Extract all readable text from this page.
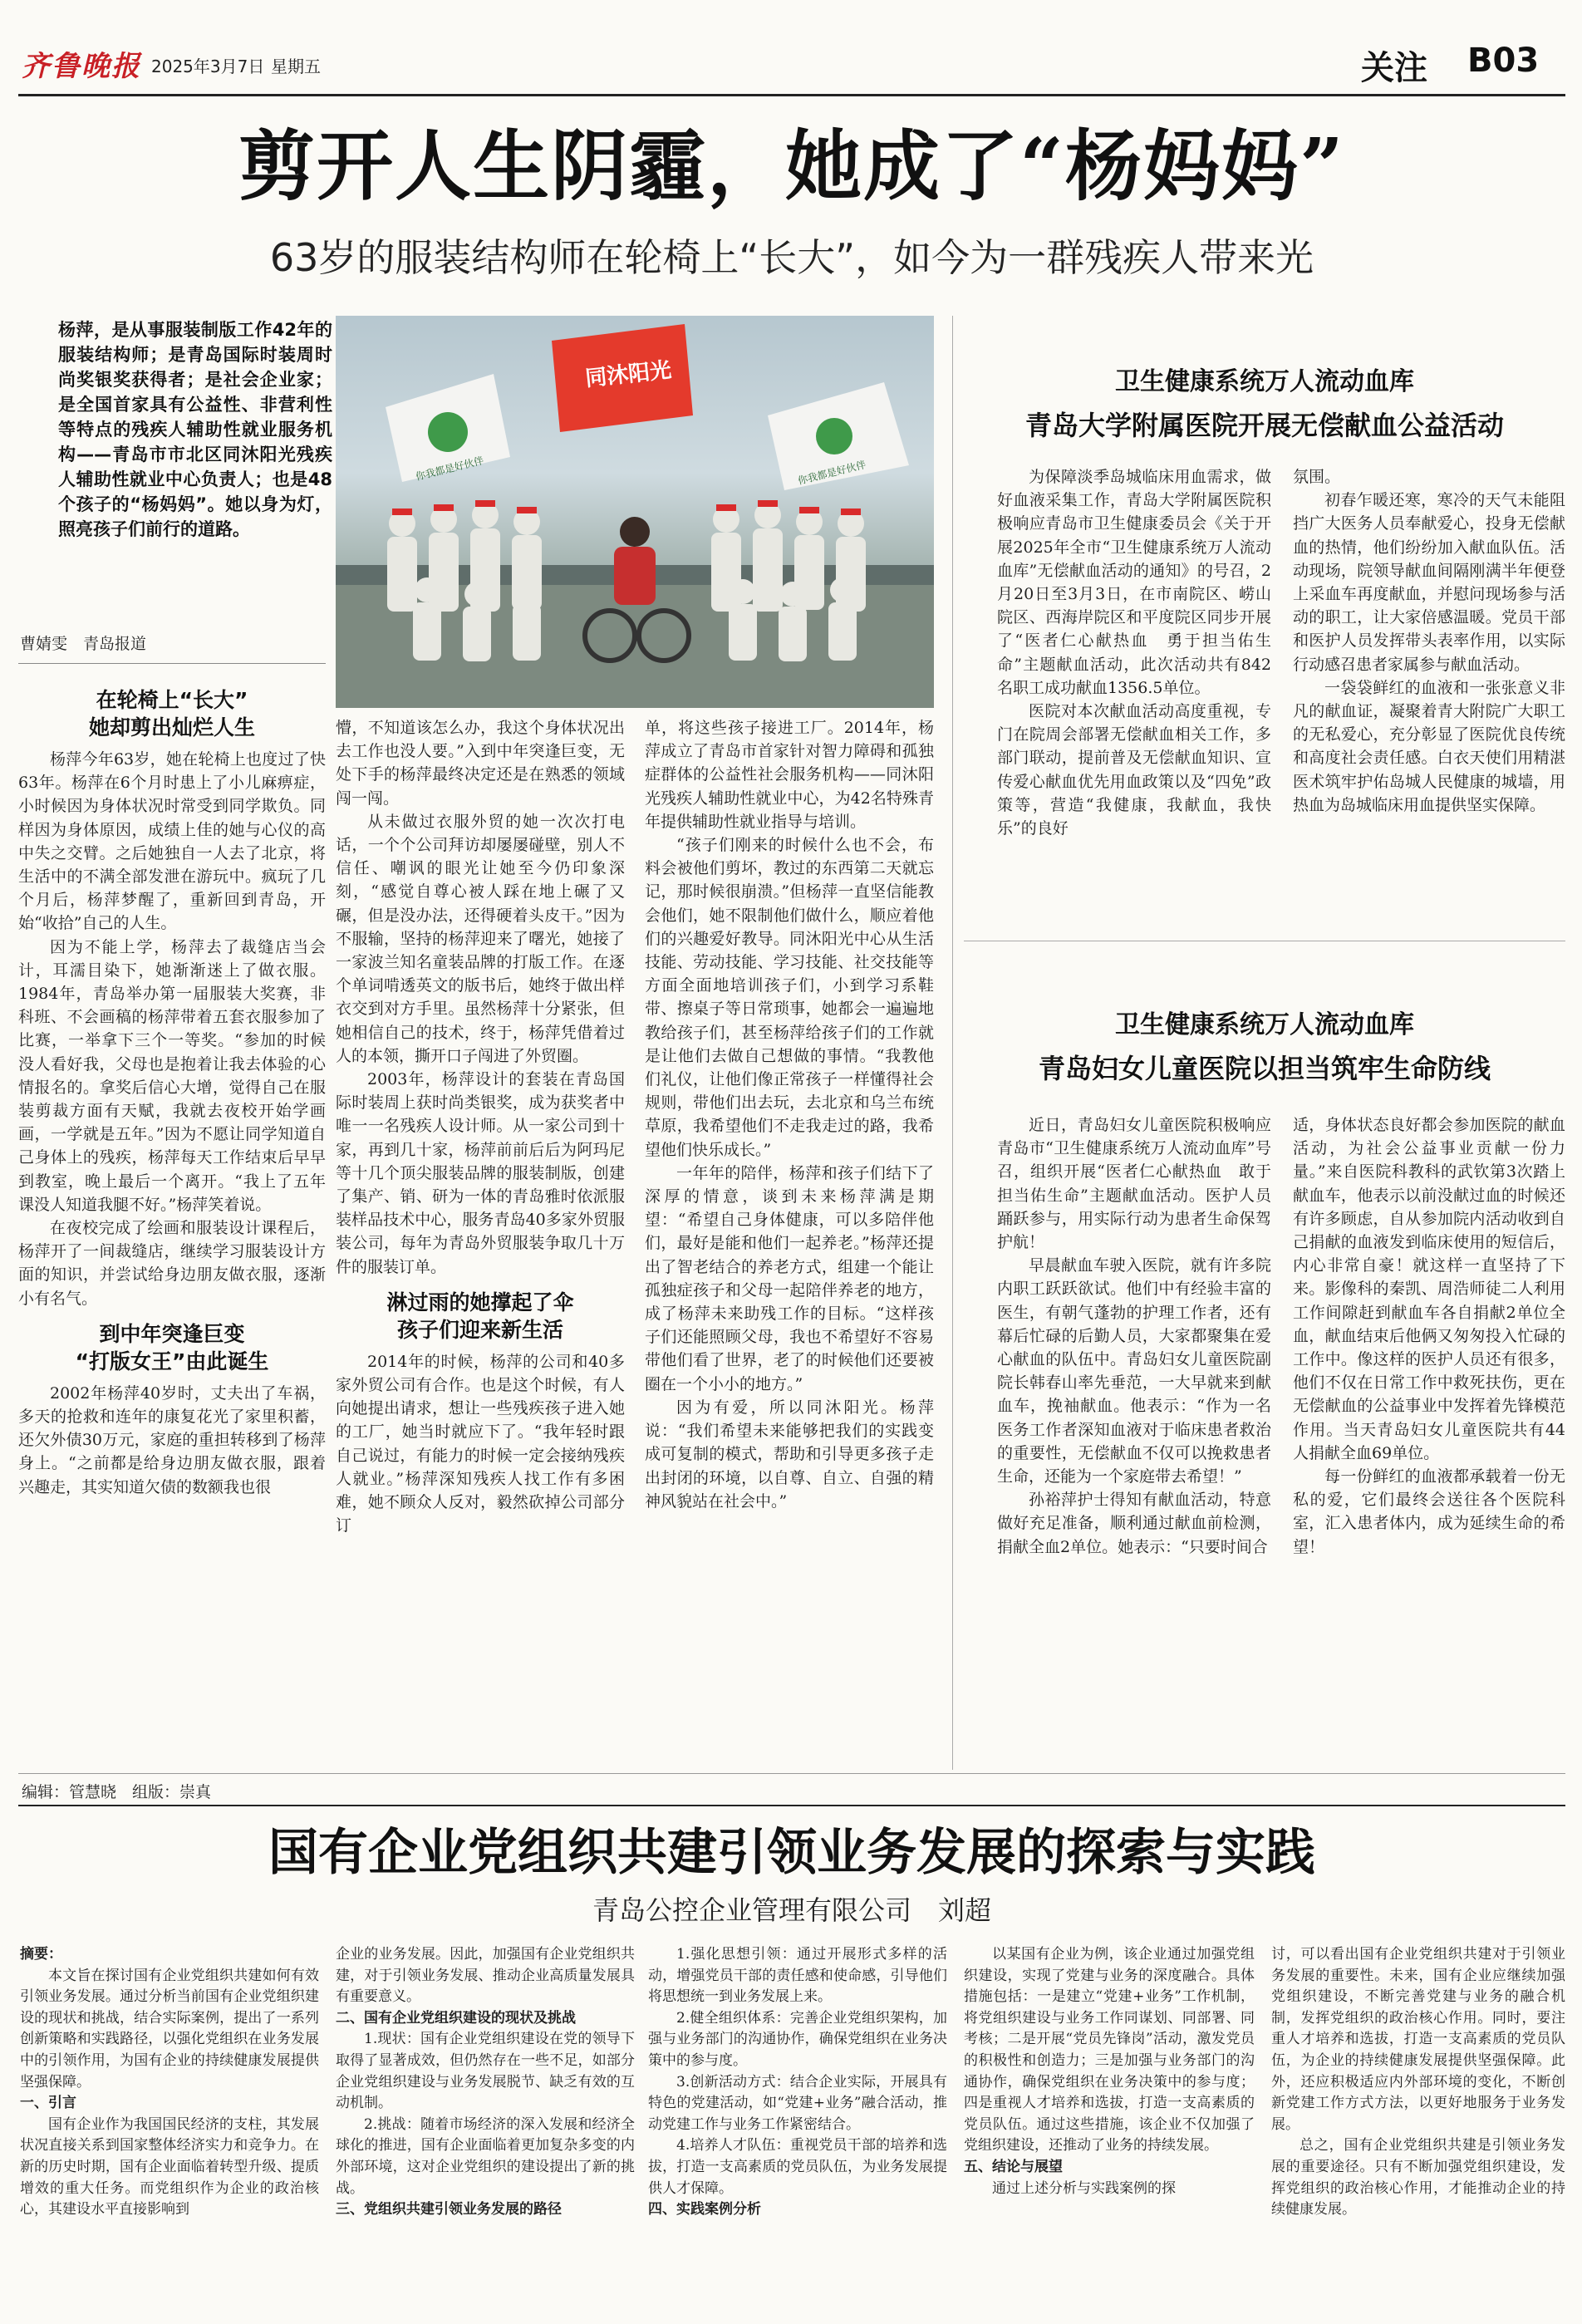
齐鲁晚报 2025年3月7日 星期五	关注 B03
剪开人生阴霾，她成了“杨妈妈”
63岁的服装结构师在轮椅上“长大”，如今为一群残疾人带来光
杨萍，是从事服装制版工作42年的服装结构师；是青岛国际时装周时尚奖银奖获得者；是社会企业家；是全国首家具有公益性、非营利性等特点的残疾人辅助性就业服务机构——青岛市市北区同沐阳光残疾人辅助性就业中心负责人；也是48个孩子的“杨妈妈”。她以身为灯，照亮孩子们前行的道路。
曹婧雯　青岛报道
同沐阳光
你我都是好伙伴	你我都是好伙伴
在轮椅上“长大”
她却剪出灿烂人生

杨萍今年63岁，她在轮椅上也度过了快63年。杨萍在6个月时患上了小儿麻痹症，小时候因为身体状况时常受到同学欺负。同样因为身体原因，成绩上佳的她与心仪的高中失之交臂。之后她独自一人去了北京，将生活中的不满全部发泄在游玩中。疯玩了几个月后，杨萍梦醒了，重新回到青岛，开始“收拾”自己的人生。

因为不能上学，杨萍去了裁缝店当会计，耳濡目染下，她渐渐迷上了做衣服。1984年，青岛举办第一届服装大奖赛，非科班、不会画稿的杨萍带着五套衣服参加了比赛，一举拿下三个一等奖。“参加的时候没人看好我，父母也是抱着让我去体验的心情报名的。拿奖后信心大增，觉得自己在服装剪裁方面有天赋，我就去夜校开始学画画，一学就是五年。”因为不愿让同学知道自己身体上的残疾，杨萍每天工作结束后早早到教室，晚上最后一个离开。“我上了五年课没人知道我腿不好。”杨萍笑着说。

在夜校完成了绘画和服装设计课程后，杨萍开了一间裁缝店，继续学习服装设计方面的知识，并尝试给身边朋友做衣服，逐渐小有名气。

到中年突逢巨变
“打版女王”由此诞生

2002年杨萍40岁时，丈夫出了车祸，多天的抢救和连年的康复花光了家里积蓄，还欠外债30万元，家庭的重担转移到了杨萍身上。“之前都是给身边朋友做衣服，跟着兴趣走，其实知道欠债的数额我也很

懵，不知道该怎么办，我这个身体状况出去工作也没人要。”入到中年突逢巨变，无处下手的杨萍最终决定还是在熟悉的领域闯一闯。

从未做过衣服外贸的她一次次打电话，一个个公司拜访却屡屡碰壁，别人不信任、嘲讽的眼光让她至今仍印象深刻，“感觉自尊心被人踩在地上碾了又碾，但是没办法，还得硬着头皮干。”因为不服输，坚持的杨萍迎来了曙光，她接了一家波兰知名童装品牌的打版工作。在逐个单词啃透英文的版书后，她终于做出样衣交到对方手里。虽然杨萍十分紧张，但她相信自己的技术，终于，杨萍凭借着过人的本领，撕开口子闯进了外贸圈。

2003年，杨萍设计的套装在青岛国际时装周上获时尚类银奖，成为获奖者中唯一一名残疾人设计师。从一家公司到十家，再到几十家，杨萍前前后后为阿玛尼等十几个顶尖服装品牌的服装制版，创建了集产、销、研为一体的青岛雅时依派服装样品技术中心，服务青岛40多家外贸服装公司，每年为青岛外贸服装争取几十万件的服装订单。

淋过雨的她撑起了伞
孩子们迎来新生活

2014年的时候，杨萍的公司和40多家外贸公司有合作。也是这个时候，有人向她提出请求，想让一些残疾孩子进入她的工厂，她当时就应下了。“我年轻时跟自己说过，有能力的时候一定会接纳残疾人就业。”杨萍深知残疾人找工作有多困难，她不顾众人反对，毅然砍掉公司部分订

单，将这些孩子接进工厂。2014年，杨萍成立了青岛市首家针对智力障碍和孤独症群体的公益性社会服务机构——同沐阳光残疾人辅助性就业中心，为42名特殊青年提供辅助性就业指导与培训。

“孩子们刚来的时候什么也不会，布料会被他们剪坏，教过的东西第二天就忘记，那时候很崩溃。”但杨萍一直坚信能教会他们，她不限制他们做什么，顺应着他们的兴趣爱好教导。同沐阳光中心从生活技能、劳动技能、学习技能、社交技能等方面全面地培训孩子们，小到学习系鞋带、擦桌子等日常琐事，她都会一遍遍地教给孩子们，甚至杨萍给孩子们的工作就是让他们去做自己想做的事情。“我教他们礼仪，让他们像正常孩子一样懂得社会规则，带他们出去玩，去北京和乌兰布统草原，我希望他们不走我走过的路，我希望他们快乐成长。”

一年年的陪伴，杨萍和孩子们结下了深厚的情意，谈到未来杨萍满是期望：“希望自己身体健康，可以多陪伴他们，最好是能和他们一起养老。”杨萍还提出了智老结合的养老方式，组建一个能让孤独症孩子和父母一起陪伴养老的地方，成了杨萍未来助残工作的目标。“这样孩子们还能照顾父母，我也不希望好不容易带他们看了世界，老了的时候他们还要被圈在一个小小的地方。”

因为有爱，所以同沐阳光。杨萍说：“我们希望未来能够把我们的实践变成可复制的模式，帮助和引导更多孩子走出封闭的环境，以自尊、自立、自强的精神风貌站在社会中。”

卫生健康系统万人流动血库
青岛大学附属医院开展无偿献血公益活动

为保障淡季岛城临床用血需求，做好血液采集工作，青岛大学附属医院积极响应青岛市卫生健康委员会《关于开展2025年全市“卫生健康系统万人流动血库”无偿献血活动的通知》的号召，2月20日至3月3日，在市南院区、崂山院区、西海岸院区和平度院区同步开展了“医者仁心献热血　勇于担当佑生命”主题献血活动，此次活动共有842名职工成功献血1356.5单位。

医院对本次献血活动高度重视，专门在院周会部署无偿献血相关工作，多部门联动，提前普及无偿献血知识、宣传爱心献血优先用血政策以及“四免”政策等，营造“我健康，我献血，我快乐”的良好

氛围。

初春乍暖还寒，寒冷的天气未能阻挡广大医务人员奉献爱心，投身无偿献血的热情，他们纷纷加入献血队伍。活动现场，院领导献血间隔刚满半年便登上采血车再度献血，并慰问现场参与活动的职工，让大家倍感温暖。党员干部和医护人员发挥带头表率作用，以实际行动感召患者家属参与献血活动。

一袋袋鲜红的血液和一张张意义非凡的献血证，凝聚着青大附院广大职工的无私爱心，充分彰显了医院优良传统和高度社会责任感。白衣天使们用精湛医术筑牢护佑岛城人民健康的城墙，用热血为岛城临床用血提供坚实保障。

卫生健康系统万人流动血库
青岛妇女儿童医院以担当筑牢生命防线

近日，青岛妇女儿童医院积极响应青岛市“卫生健康系统万人流动血库”号召，组织开展“医者仁心献热血　敢于担当佑生命”主题献血活动。医护人员踊跃参与，用实际行动为患者生命保驾护航！

早晨献血车驶入医院，就有许多院内职工跃跃欲试。他们中有经验丰富的医生，有朝气蓬勃的护理工作者，还有幕后忙碌的后勤人员，大家都聚集在爱心献血的队伍中。青岛妇女儿童医院副院长韩春山率先垂范，一大早就来到献血车，挽袖献血。他表示：“作为一名医务工作者深知血液对于临床患者救治的重要性，无偿献血不仅可以挽救患者生命，还能为一个家庭带去希望！”

孙裕萍护士得知有献血活动，特意做好充足准备，顺利通过献血前检测，捐献全血2单位。她表示：“只要时间合

适，身体状态良好都会参加医院的献血活动，为社会公益事业贡献一份力量。”来自医院科教科的武钦第3次踏上献血车，他表示以前没献过血的时候还有许多顾虑，自从参加院内活动收到自己捐献的血液发到临床使用的短信后，内心非常自豪！就这样一直坚持了下来。影像科的秦凯、周浩师徒二人利用工作间隙赶到献血车各自捐献2单位全血，献血结束后他俩又匆匆投入忙碌的工作中。像这样的医护人员还有很多，他们不仅在日常工作中救死扶伤，更在无偿献血的公益事业中发挥着先锋模范作用。当天青岛妇女儿童医院共有44人捐献全血69单位。

每一份鲜红的血液都承载着一份无私的爱，它们最终会送往各个医院科室，汇入患者体内，成为延续生命的希望！

编辑：管慧晓　组版：崇真
国有企业党组织共建引领业务发展的探索与实践
青岛公控企业管理有限公司　刘超

摘要：

本文旨在探讨国有企业党组织共建如何有效引领业务发展。通过分析当前国有企业党组织建设的现状和挑战，结合实际案例，提出了一系列创新策略和实践路径，以强化党组织在业务发展中的引领作用，为国有企业的持续健康发展提供坚强保障。

一、引言

国有企业作为我国国民经济的支柱，其发展状况直接关系到国家整体经济实力和竞争力。在新的历史时期，国有企业面临着转型升级、提质增效的重大任务。而党组织作为企业的政治核心，其建设水平直接影响到

企业的业务发展。因此，加强国有企业党组织共建，对于引领业务发展、推动企业高质量发展具有重要意义。

二、国有企业党组织建设的现状及挑战

1.现状：国有企业党组织建设在党的领导下取得了显著成效，但仍然存在一些不足，如部分企业党组织建设与业务发展脱节、缺乏有效的互动机制。

2.挑战：随着市场经济的深入发展和经济全球化的推进，国有企业面临着更加复杂多变的内外部环境，这对企业党组织的建设提出了新的挑战。

三、党组织共建引领业务发展的路径

1.强化思想引领：通过开展形式多样的活动，增强党员干部的责任感和使命感，引导他们将思想统一到业务发展上来。

2.健全组织体系：完善企业党组织架构，加强与业务部门的沟通协作，确保党组织在业务决策中的参与度。

3.创新活动方式：结合企业实际，开展具有特色的党建活动，如“党建+业务”融合活动，推动党建工作与业务工作紧密结合。

4.培养人才队伍：重视党员干部的培养和选拔，打造一支高素质的党员队伍，为业务发展提供人才保障。

四、实践案例分析

以某国有企业为例，该企业通过加强党组织建设，实现了党建与业务的深度融合。具体措施包括：一是建立“党建+业务”工作机制，将党组织建设与业务工作同谋划、同部署、同考核；二是开展“党员先锋岗”活动，激发党员的积极性和创造力；三是加强与业务部门的沟通协作，确保党组织在业务决策中的参与度；四是重视人才培养和选拔，打造一支高素质的党员队伍。通过这些措施，该企业不仅加强了党组织建设，还推动了业务的持续发展。

五、结论与展望

通过上述分析与实践案例的探

讨，可以看出国有企业党组织共建对于引领业务发展的重要性。未来，国有企业应继续加强党组织建设，不断完善党建与业务的融合机制，发挥党组织的政治核心作用。同时，要注重人才培养和选拔，打造一支高素质的党员队伍，为企业的持续健康发展提供坚强保障。此外，还应积极适应内外部环境的变化，不断创新党建工作方式方法，以更好地服务于业务发展。

总之，国有企业党组织共建是引领业务发展的重要途径。只有不断加强党组织建设，发挥党组织的政治核心作用，才能推动企业的持续健康发展。
